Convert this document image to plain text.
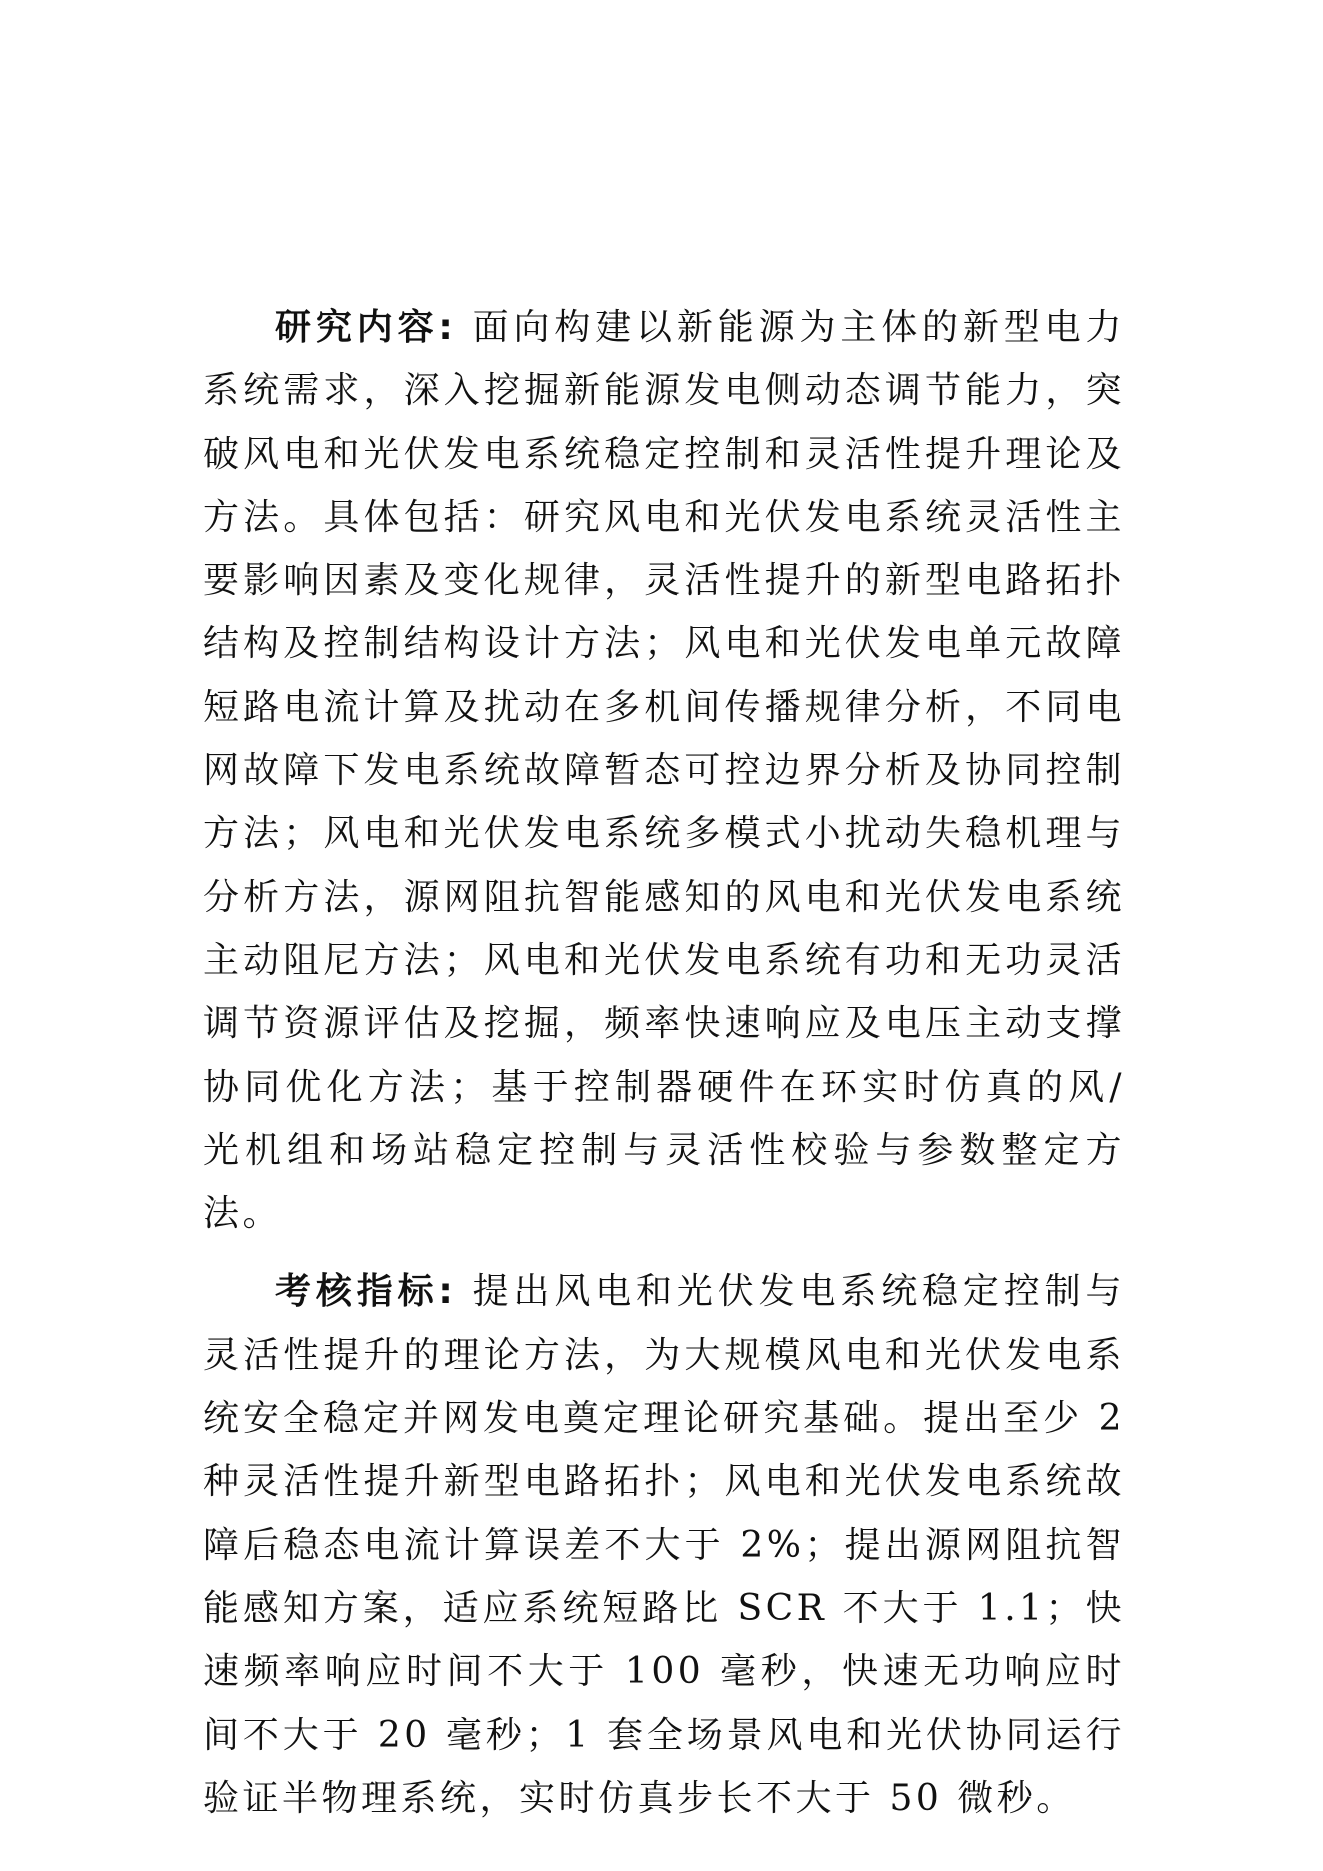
研究内容: 面向构建以新能源为主体的新型电力系统需求，深入挖掘新能源发电侧动态调节能力，突破风电和光伏发电系统稳定控制和灵活性提升理论及方法。具体包括：研究风电和光伏发电系统灵活性主要影响因素及变化规律，灵活性提升的新型电路拓扑结构及控制结构设计方法；风电和光伏发电单元故障短路电流计算及扰动在多机间传播规律分析，不同电网故障下发电系统故障暂态可控边界分析及协同控制方法；风电和光伏发电系统多模式小扰动失稳机理与分析方法，源网阻抗智能感知的风电和光伏发电系统主动阻尼方法；风电和光伏发电系统有功和无功灵活调节资源评估及挖掘，频率快速响应及电压主动支撑协同优化方法；基于控制器硬件在环实时仿真的风/光机组和场站稳定控制与灵活性校验与参数整定方法。

考核指标: 提出风电和光伏发电系统稳定控制与灵活性提升的理论方法，为大规模风电和光伏发电系统安全稳定并网发电奠定理论研究基础。提出至少 2 种灵活性提升新型电路拓扑；风电和光伏发电系统故障后稳态电流计算误差不大于 2%；提出源网阻抗智能感知方案，适应系统短路比 SCR 不大于 1.1；快速频率响应时间不大于 100 毫秒，快速无功响应时间不大于 20 毫秒；1 套全场景风电和光伏协同运行验证半物理系统，实时仿真步长不大于 50 微秒。
